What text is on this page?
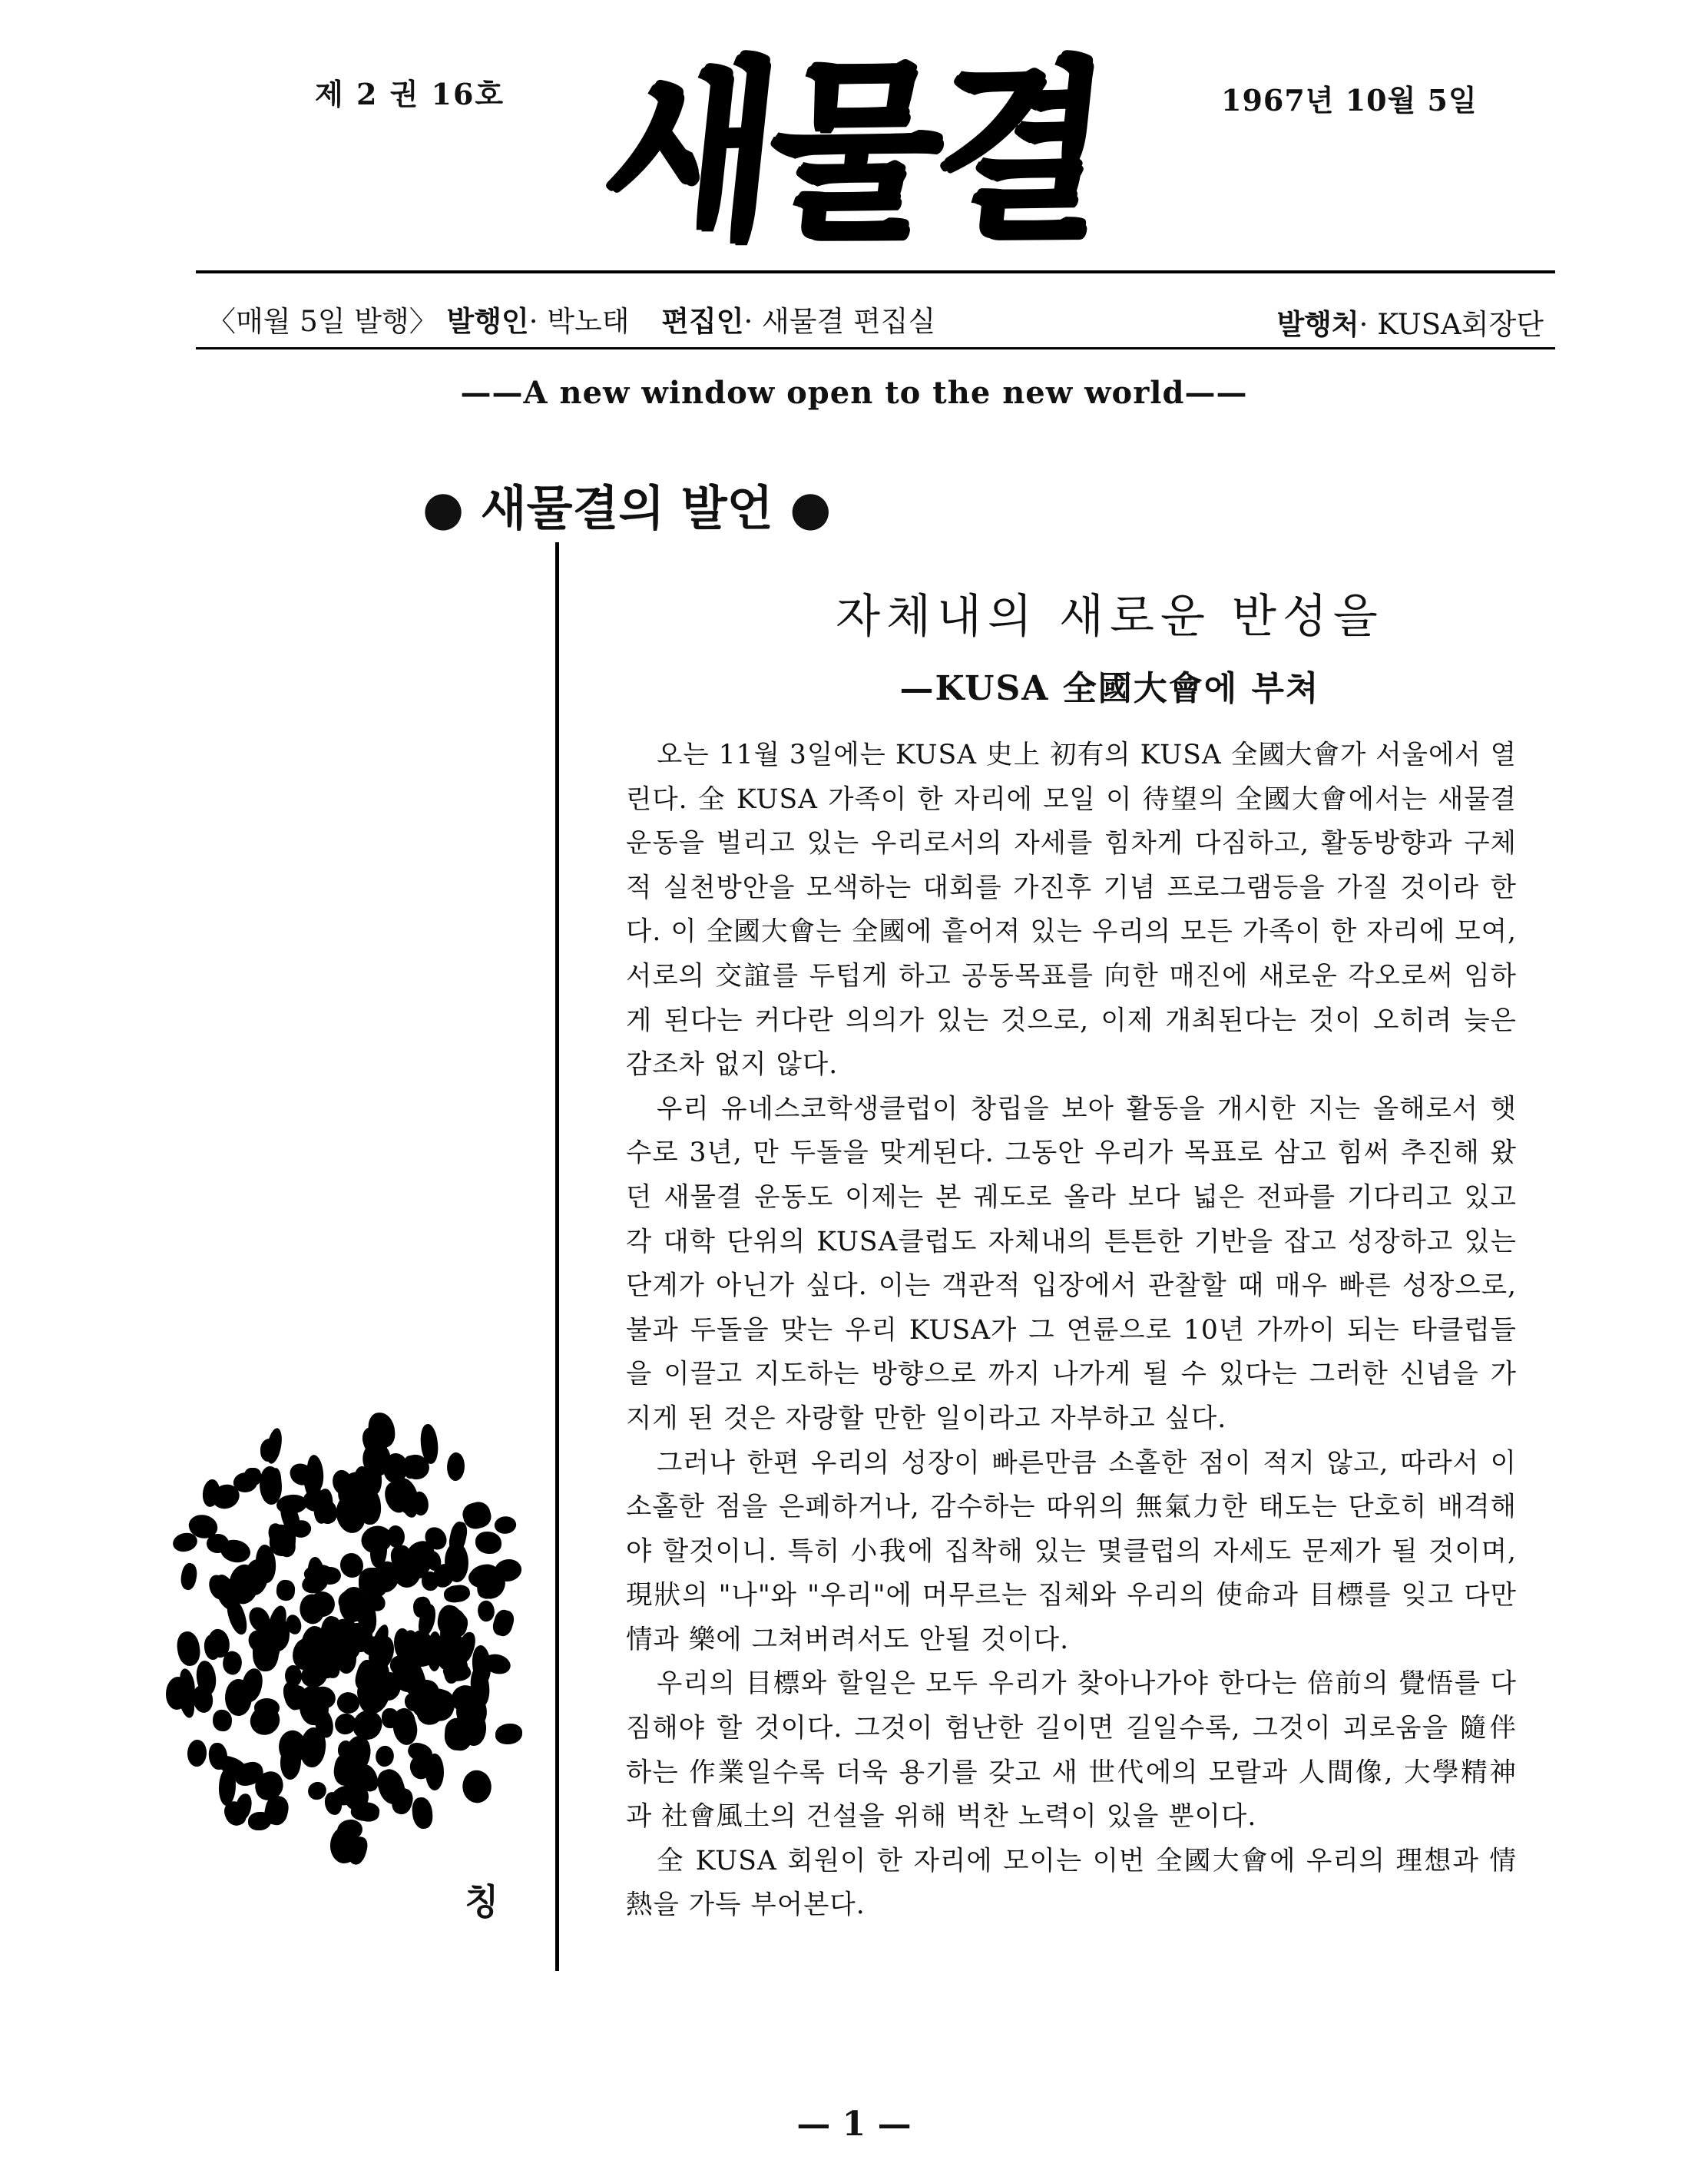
제 2 권 16호 새물결	1967년 10월 5일
〈매월 5일 발행〉 발행인· 박노태 편집인· 새물결 편집실	발행처· KUSA회장단
——A new window open to the new world——
● 새물결의 발언 ●
자체내의 새로운 반성을
—KUSA 全國大會에 부쳐

오는 11월 3일에는 KUSA 史上 初有의 KUSA 全國大會가 서울에서 열린다. 全 KUSA 가족이 한 자리에 모일 이 待望의 全國大會에서는 새물결 운동을 벌리고 있는 우리로서의 자세를 힘차게 다짐하고, 활동방향과 구체적 실천방안을 모색하는 대회를 가진후 기념 프로그램등을 가질 것이라 한다. 이 全國大會는 全國에 흩어져 있는 우리의 모든 가족이 한 자리에 모여, 서로의 交誼를 두텁게 하고 공동목표를 向한 매진에 새로운 각오로써 임하게 된다는 커다란 의의가 있는 것으로, 이제 개최된다는 것이 오히려 늦은 감조차 없지 않다.

우리 유네스코학생클럽이 창립을 보아 활동을 개시한 지는 올해로서 햇수로 3년, 만 두돌을 맞게된다. 그동안 우리가 목표로 삼고 힘써 추진해 왔던 새물결 운동도 이제는 본 궤도로 올라 보다 넓은 전파를 기다리고 있고 각 대학 단위의 KUSA클럽도 자체내의 튼튼한 기반을 잡고 성장하고 있는 단계가 아닌가 싶다. 이는 객관적 입장에서 관찰할 때 매우 빠른 성장으로, 불과 두돌을 맞는 우리 KUSA가 그 연륜으로 10년 가까이 되는 타클럽들을 이끌고 지도하는 방향으로 까지 나가게 될 수 있다는 그러한 신념을 가지게 된 것은 자랑할 만한 일이라고 자부하고 싶다.

그러나 한편 우리의 성장이 빠른만큼 소홀한 점이 적지 않고, 따라서 이 소홀한 점을 은폐하거나, 감수하는 따위의 無氣力한 태도는 단호히 배격해야 할것이니. 특히 小我에 집착해 있는 몇클럽의 자세도 문제가 될 것이며, 現狀의 "나"와 "우리"에 머무르는 집체와 우리의 使命과 目標를 잊고 다만 情과 樂에 그쳐버려서도 안될 것이다.

우리의 目標와 할일은 모두 우리가 찾아나가야 한다는 倍前의 覺悟를 다짐해야 할 것이다. 그것이 험난한 길이면 길일수록, 그것이 괴로움을 隨伴하는 作業일수록 더욱 용기를 갖고 새 世代에의 모랄과 人間像, 大學精神과 社會風土의 건설을 위해 벅찬 노력이 있을 뿐이다.

全 KUSA 회원이 한 자리에 모이는 이번 全國大會에 우리의 理想과 情熱을 가득 부어본다.

칭
— 1 —
